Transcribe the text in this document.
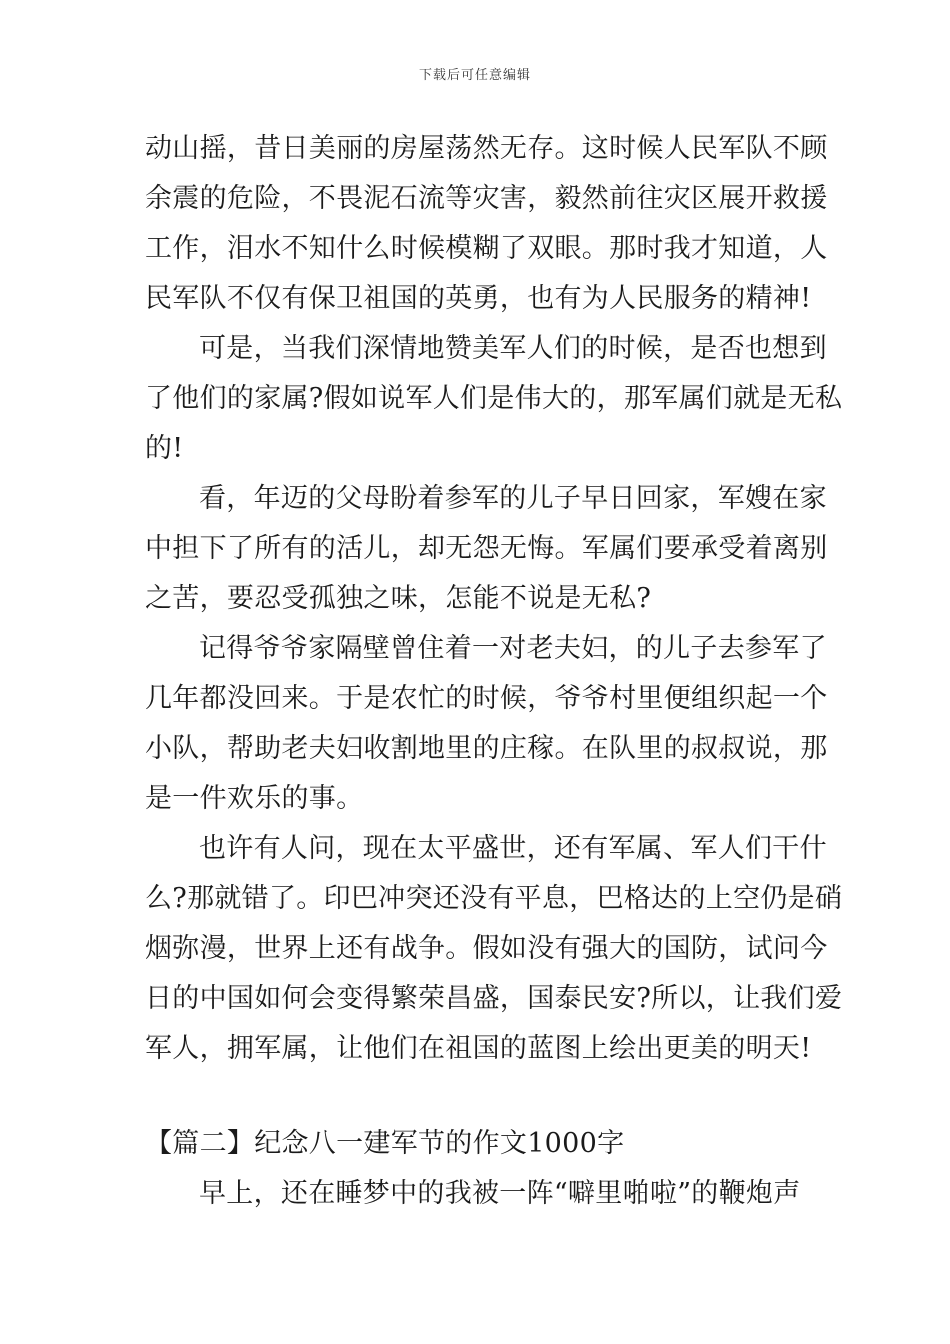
下载后可任意编辑
动山摇，昔日美丽的房屋荡然无存。这时候人民军队不顾
余震的危险，不畏泥石流等灾害，毅然前往灾区展开救援
工作，泪水不知什么时候模糊了双眼。那时我才知道，人
民军队不仅有保卫祖国的英勇，也有为人民服务的精神!
可是，当我们深情地赞美军人们的时候，是否也想到
了他们的家属?假如说军人们是伟大的，那军属们就是无私
的!
看，年迈的父母盼着参军的儿子早日回家，军嫂在家
中担下了所有的活儿，却无怨无悔。军属们要承受着离别
之苦，要忍受孤独之味，怎能不说是无私?
记得爷爷家隔壁曾住着一对老夫妇，的儿子去参军了
几年都没回来。于是农忙的时候，爷爷村里便组织起一个
小队，帮助老夫妇收割地里的庄稼。在队里的叔叔说，那
是一件欢乐的事。
也许有人问，现在太平盛世，还有军属、军人们干什
么?那就错了。印巴冲突还没有平息，巴格达的上空仍是硝
烟弥漫，世界上还有战争。假如没有强大的国防，试问今
日的中国如何会变得繁荣昌盛，国泰民安?所以，让我们爱
军人，拥军属，让他们在祖国的蓝图上绘出更美的明天!
【篇二】纪念八一建军节的作文1000字
早上，还在睡梦中的我被一阵“噼里啪啦”的鞭炮声
